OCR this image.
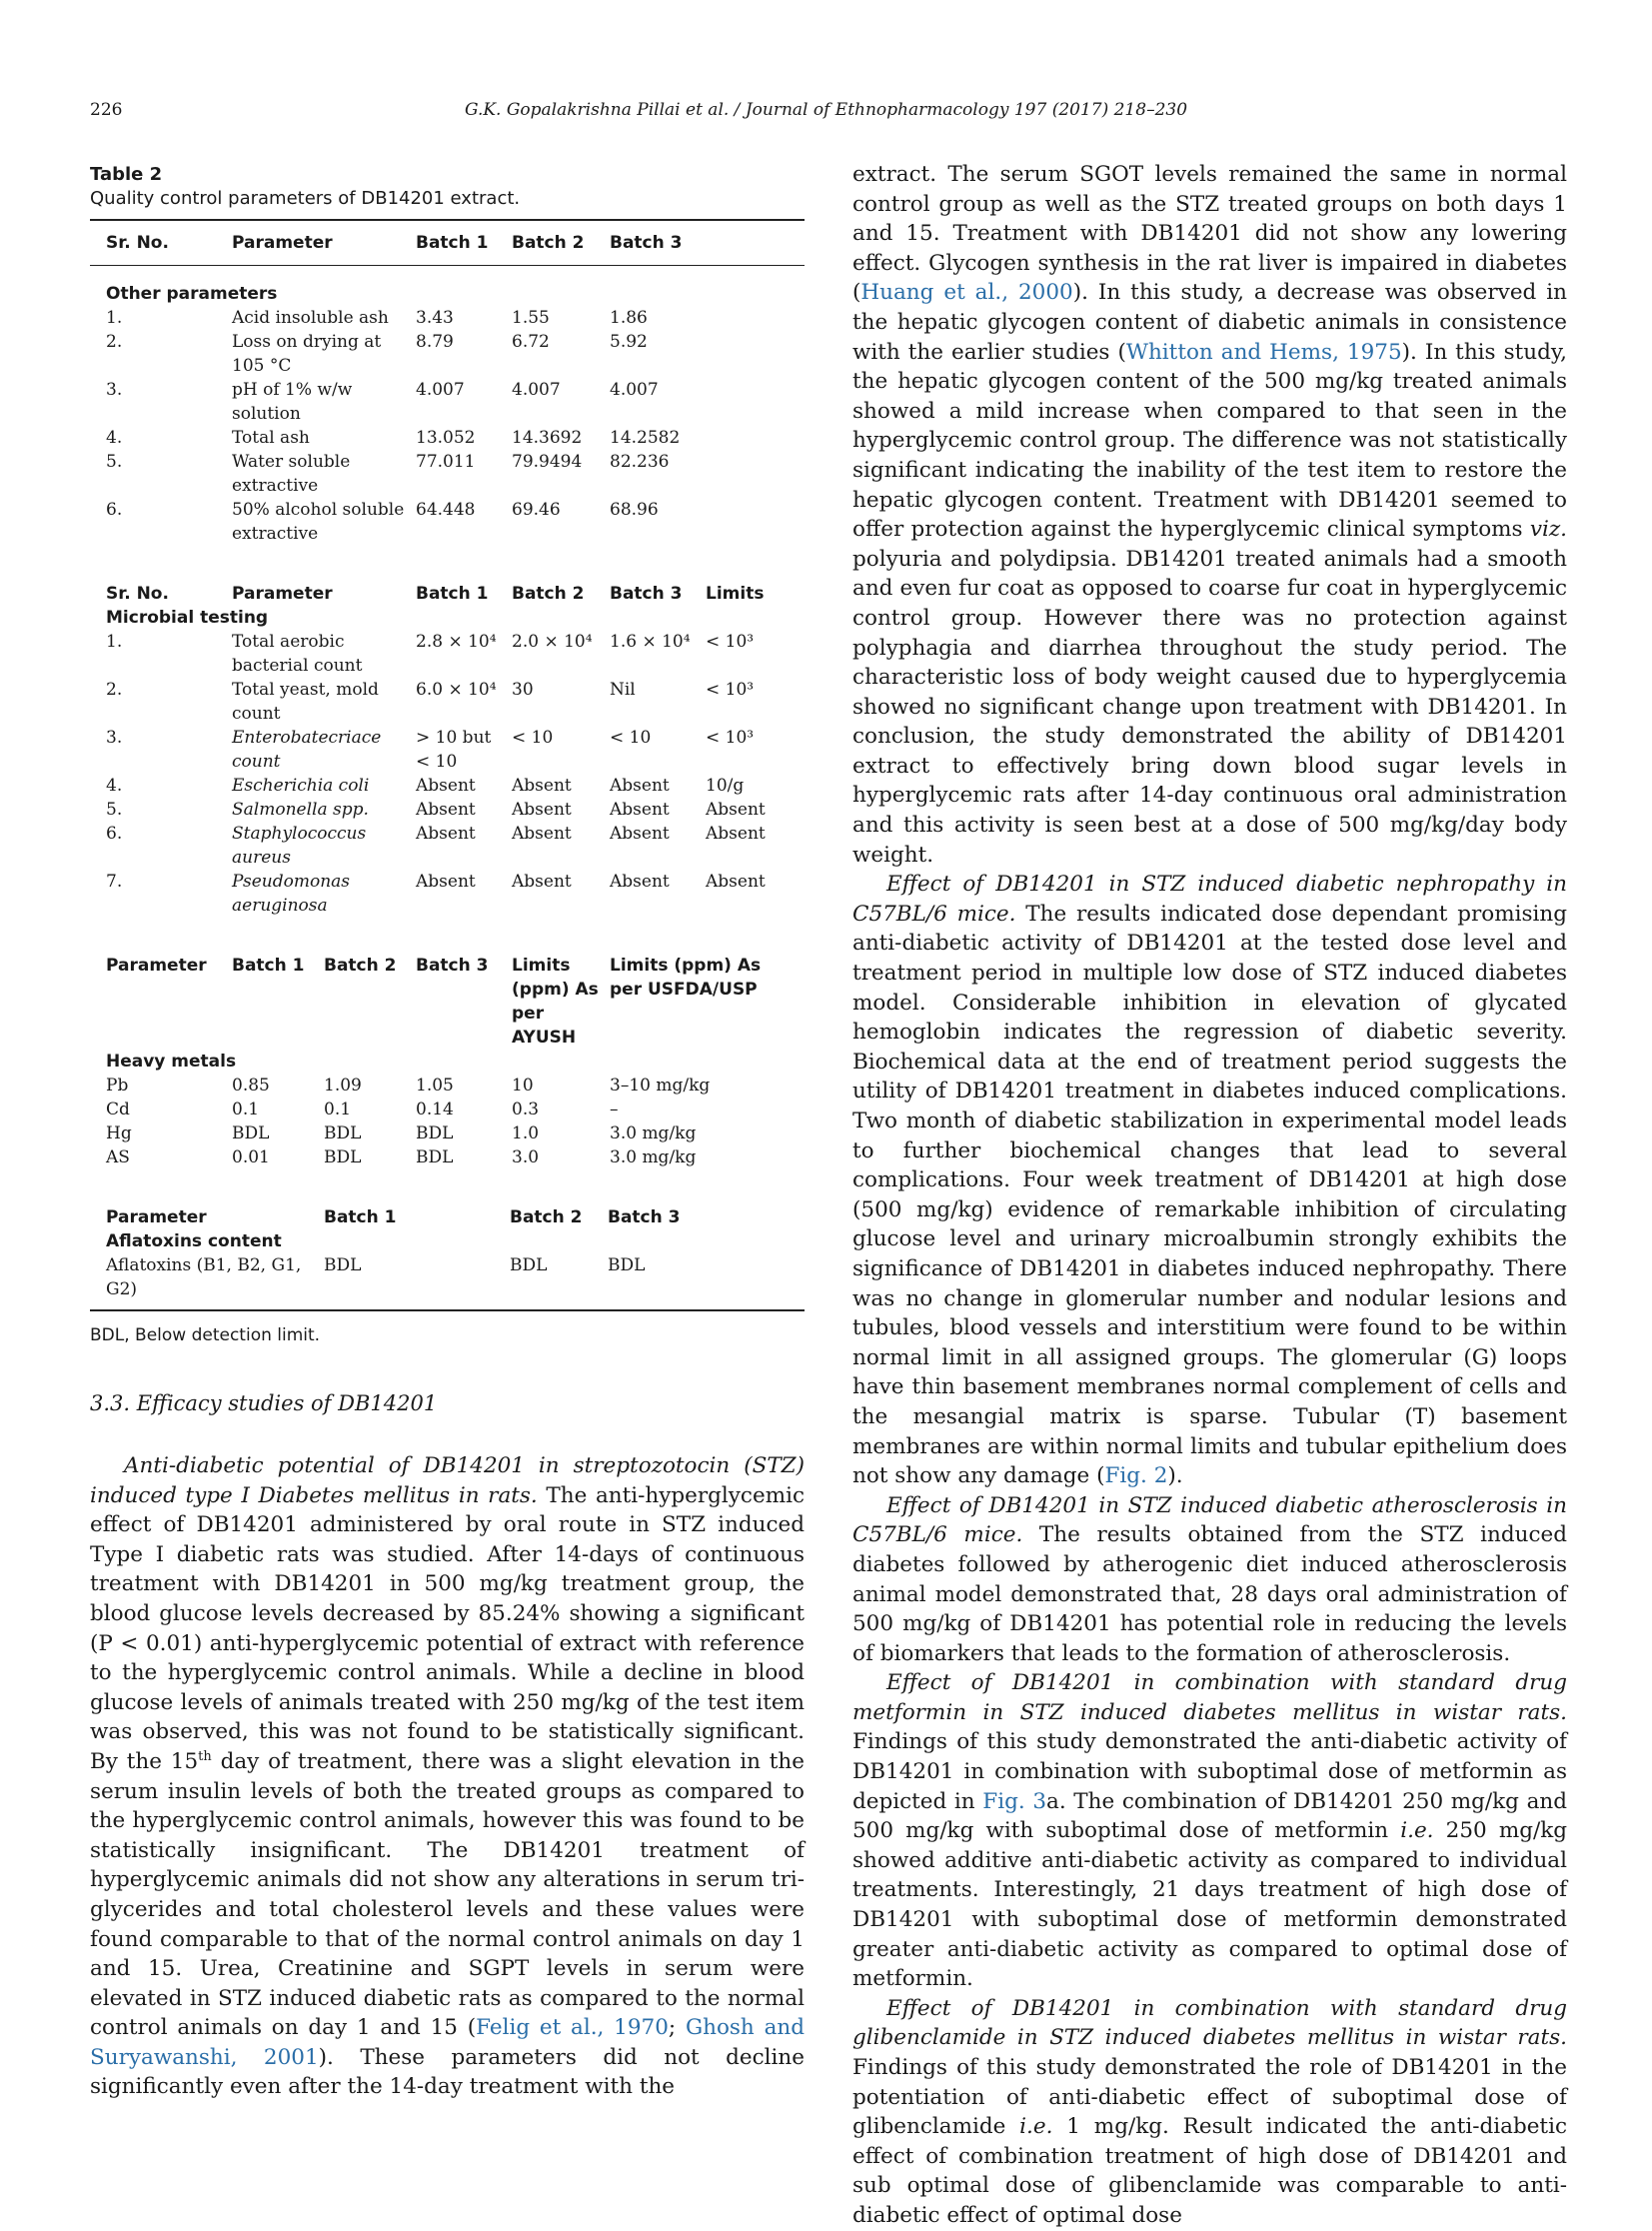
226	G.K. Gopalakrishna Pillai et al. / Journal of Ethnopharmacology 197 (2017) 218–230
Table 2
Quality control parameters of DB14201 extract.
Sr. No.	Parameter	Batch 1	Batch 2	Batch 3	

Other parameters					
1.	Acid insoluble ash	3.43	1.55	1.86	
2.	Loss on drying at 105 °C	8.79	6.72	5.92	
3.	pH of 1% w/w solution	4.007	4.007	4.007	
4.	Total ash	13.052	14.3692	14.2582	
5.	Water soluble extractive	77.011	79.9494	82.236	
6.	50% alcohol soluble extractive	64.448	69.46	68.96	

Sr. No.	Parameter	Batch 1	Batch 2	Batch 3	Limits
Microbial testing					
1.	Total aerobic bacterial count	2.8 × 10⁴	2.0 × 10⁴	1.6 × 10⁴	< 10³
2.	Total yeast, mold count	6.0 × 10⁴	30	Nil	< 10³
3.	Enterobatecriace count	> 10 but < 10	< 10	< 10	< 10³
4.	Escherichia coli	Absent	Absent	Absent	10/g
5.	Salmonella spp.	Absent	Absent	Absent	Absent
6.	Staphylococcus aureus	Absent	Absent	Absent	Absent
7.	Pseudomonas aeruginosa	Absent	Absent	Absent	Absent

Parameter	Batch 1	Batch 2	Batch 3	Limits (ppm) As per AYUSH	Limits (ppm) As per USFDA/USP
Heavy metals					
Pb	0.85	1.09	1.05	10	3–10 mg/kg
Cd	0.1	0.1	0.14	0.3	–
Hg	BDL	BDL	BDL	1.0	3.0 mg/kg
AS	0.01	BDL	BDL	3.0	3.0 mg/kg

Parameter	Batch 1	Batch 2	Batch 3
Aflatoxins content			
Aflatoxins (B1, B2, G1, G2)	BDL	BDL	BDL
BDL, Below detection limit.
3.3. Efficacy studies of DB14201

Anti-diabetic potential of DB14201 in streptozotocin (STZ) induced type I Diabetes mellitus in rats. The anti-hyperglycemic effect of DB14201 administered by oral route in STZ induced Type I diabetic rats was studied. After 14-days of continuous treatment with DB14201 in 500 mg/kg treatment group, the blood glucose levels decreased by 85.24% showing a significant (P < 0.01) anti-hyperglycemic potential of extract with reference to the hyperglycemic control animals. While a decline in blood glucose levels of animals treated with 250 mg/kg of the test item was observed, this was not found to be statistically significant. By the 15th day of treatment, there was a slight elevation in the serum insulin levels of both the treated groups as compared to the hyperglycemic control animals, however this was found to be statistically insignificant. The DB14201 treatment of hyperglycemic animals did not show any alterations in serum tri-glycerides and total cholesterol levels and these values were found comparable to that of the normal control animals on day 1 and 15. Urea, Creatinine and SGPT levels in serum were elevated in STZ induced diabetic rats as compared to the normal control animals on day 1 and 15 (Felig et al., 1970; Ghosh and Suryawanshi, 2001). These parameters did not decline significantly even after the 14-day treatment with the

extract. The serum SGOT levels remained the same in normal control group as well as the STZ treated groups on both days 1 and 15. Treatment with DB14201 did not show any lowering effect. Glycogen synthesis in the rat liver is impaired in diabetes (Huang et al., 2000). In this study, a decrease was observed in the hepatic glycogen content of diabetic animals in consistence with the earlier studies (Whitton and Hems, 1975). In this study, the hepatic glycogen content of the 500 mg/kg treated animals showed a mild increase when compared to that seen in the hyperglycemic control group. The difference was not statistically significant indicating the inability of the test item to restore the hepatic glycogen content. Treatment with DB14201 seemed to offer protection against the hyperglycemic clinical symptoms viz. polyuria and polydipsia. DB14201 treated animals had a smooth and even fur coat as opposed to coarse fur coat in hyperglycemic control group. However there was no protection against polyphagia and diarrhea throughout the study period. The characteristic loss of body weight caused due to hyperglycemia showed no significant change upon treatment with DB14201. In conclusion, the study demonstrated the ability of DB14201 extract to effectively bring down blood sugar levels in hyperglycemic rats after 14-day continuous oral administration and this activity is seen best at a dose of 500 mg/kg/day body weight.

Effect of DB14201 in STZ induced diabetic nephropathy in C57BL/6 mice. The results indicated dose dependant promising anti-diabetic activity of DB14201 at the tested dose level and treatment period in multiple low dose of STZ induced diabetes model. Considerable inhibition in elevation of glycated hemoglobin indicates the regression of diabetic severity. Biochemical data at the end of treatment period suggests the utility of DB14201 treatment in diabetes induced complications. Two month of diabetic stabilization in experimental model leads to further biochemical changes that lead to several complications. Four week treatment of DB14201 at high dose (500 mg/kg) evidence of remarkable inhibition of circulating glucose level and urinary microalbumin strongly exhibits the significance of DB14201 in diabetes induced nephropathy. There was no change in glomerular number and nodular lesions and tubules, blood vessels and interstitium were found to be within normal limit in all assigned groups. The glomerular (G) loops have thin basement membranes normal complement of cells and the mesangial matrix is sparse. Tubular (T) basement membranes are within normal limits and tubular epithelium does not show any damage (Fig. 2).

Effect of DB14201 in STZ induced diabetic atherosclerosis in C57BL/6 mice. The results obtained from the STZ induced diabetes followed by atherogenic diet induced atherosclerosis animal model demonstrated that, 28 days oral administration of 500 mg/kg of DB14201 has potential role in reducing the levels of biomarkers that leads to the formation of atherosclerosis.

Effect of DB14201 in combination with standard drug metformin in STZ induced diabetes mellitus in wistar rats. Findings of this study demonstrated the anti-diabetic activity of DB14201 in combination with suboptimal dose of metformin as depicted in Fig. 3a. The combination of DB14201 250 mg/kg and 500 mg/kg with suboptimal dose of metformin i.e. 250 mg/kg showed additive anti-diabetic activity as compared to individual treatments. Interestingly, 21 days treatment of high dose of DB14201 with suboptimal dose of metformin demonstrated greater anti-diabetic activity as compared to optimal dose of metformin.

Effect of DB14201 in combination with standard drug glibenclamide in STZ induced diabetes mellitus in wistar rats. Findings of this study demonstrated the role of DB14201 in the potentiation of anti-diabetic effect of suboptimal dose of glibenclamide i.e. 1 mg/kg. Result indicated the anti-diabetic effect of combination treatment of high dose of DB14201 and sub optimal dose of glibenclamide was comparable to anti-diabetic effect of optimal dose
